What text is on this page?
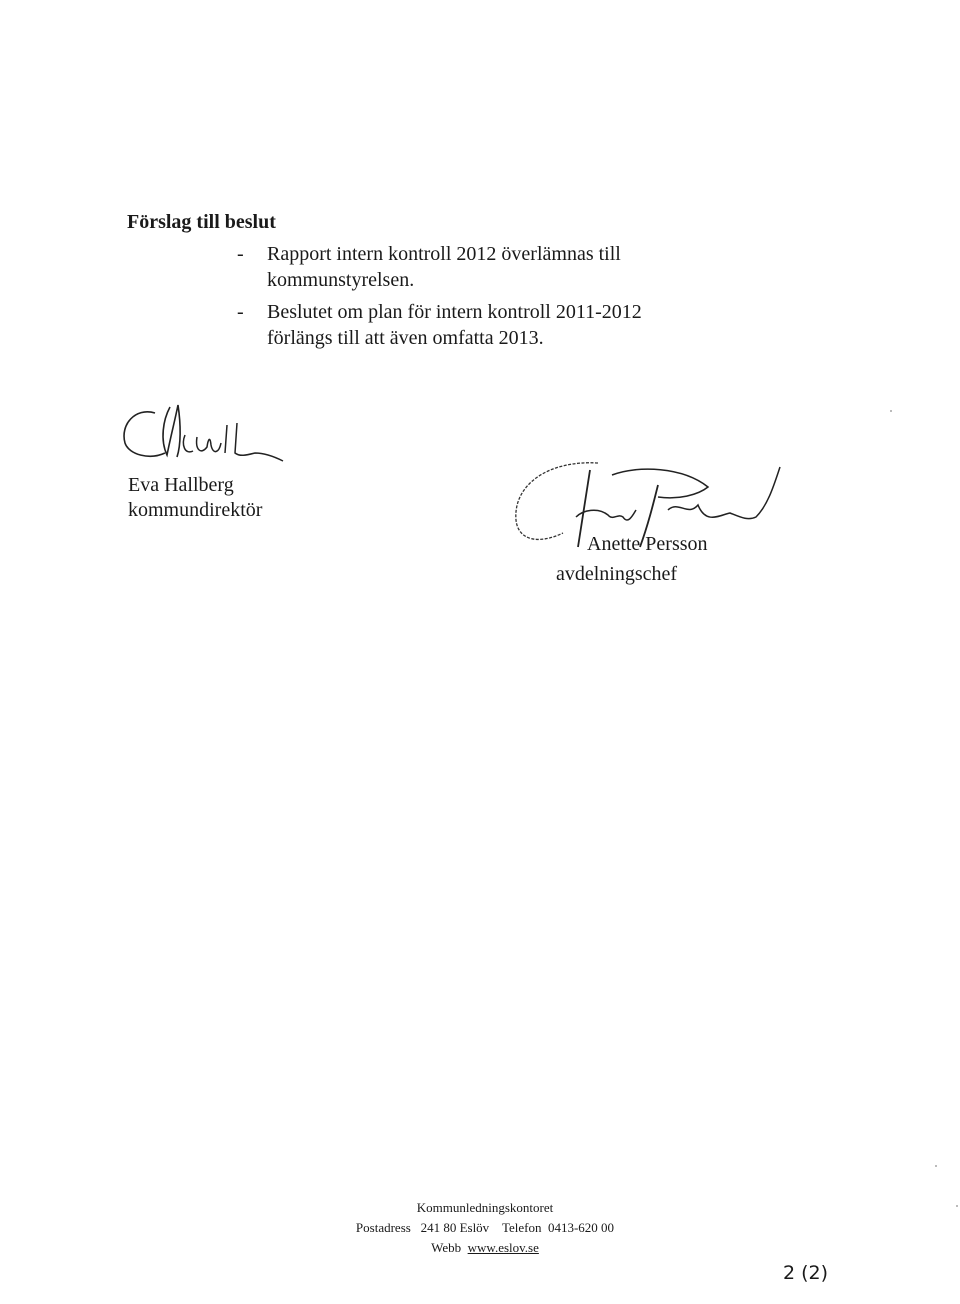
Förslag till beslut
- Rapport intern kontroll 2012 överlämnas till
kommunstyrelsen.
- Beslutet om plan för intern kontroll 2011-2012
förlängs till att även omfatta 2013.
Eva Hallberg
kommundirektör
Anette Persson
avdelningschef
Kommunledningskontoret
Postadress 241 80 Eslöv Telefon 0413-620 00
Webb www.eslov.se
2 (2)
